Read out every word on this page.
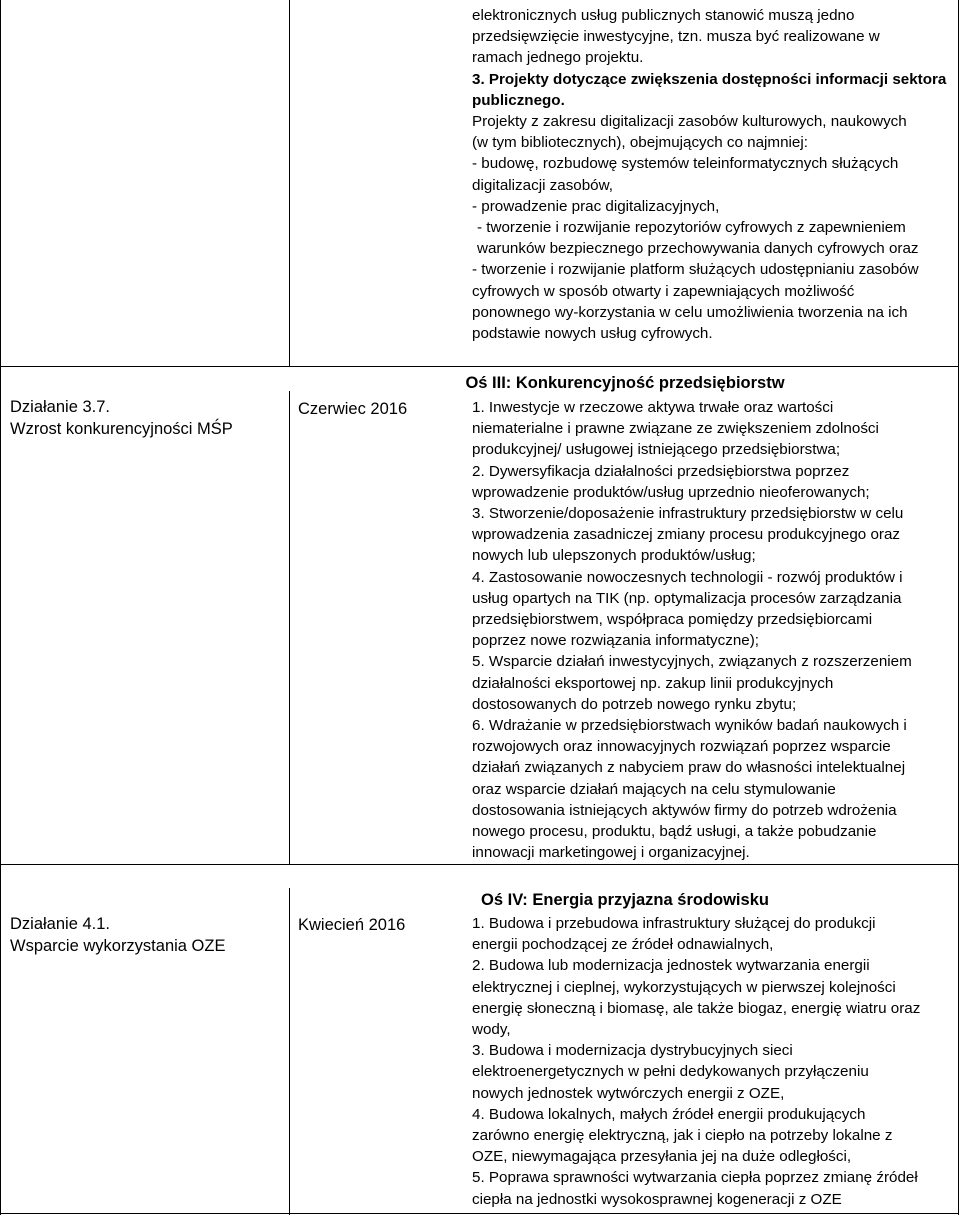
elektronicznych usług publicznych stanowić muszą jedno

przedsięwzięcie inwestycyjne, tzn. musza być realizowane w

ramach jednego projektu.

3. Projekty dotyczące zwiększenia dostępności informacji sektora

publicznego.

Projekty z zakresu digitalizacji zasobów kulturowych, naukowych

(w tym bibliotecznych), obejmujących co najmniej:

- budowę, rozbudowę systemów teleinformatycznych służących

digitalizacji zasobów,

- prowadzenie prac digitalizacyjnych,

- tworzenie i rozwijanie repozytoriów cyfrowych z zapewnieniem

warunków bezpiecznego przechowywania danych cyfrowych oraz

- tworzenie i rozwijanie platform służących udostępnianiu zasobów

cyfrowych w sposób otwarty i zapewniających możliwość

ponownego wy-korzystania w celu umożliwienia tworzenia na ich

podstawie nowych usług cyfrowych.

Oś III: Konkurencyjność przedsiębiorstw
Działanie 3.7.
Wzrost konkurencyjności MŚP
Czerwiec 2016	1. Inwestycje w rzeczowe aktywa trwałe oraz wartości

niematerialne i prawne związane ze zwiększeniem zdolności

produkcyjnej/ usługowej istniejącego przedsiębiorstwa;

2. Dywersyfikacja działalności przedsiębiorstwa poprzez

wprowadzenie produktów/usług uprzednio nieoferowanych;

3. Stworzenie/doposażenie infrastruktury przedsiębiorstw w celu

wprowadzenia zasadniczej zmiany procesu produkcyjnego oraz

nowych lub ulepszonych produktów/usług;

4. Zastosowanie nowoczesnych technologii - rozwój produktów i

usług opartych na TIK (np. optymalizacja procesów zarządzania

przedsiębiorstwem, współpraca pomiędzy przedsiębiorcami

poprzez nowe rozwiązania informatyczne);

5. Wsparcie działań inwestycyjnych, związanych z rozszerzeniem

działalności eksportowej np. zakup linii produkcyjnych

dostosowanych do potrzeb nowego rynku zbytu;

6. Wdrażanie w przedsiębiorstwach wyników badań naukowych i

rozwojowych oraz innowacyjnych rozwiązań poprzez wsparcie

działań związanych z nabyciem praw do własności intelektualnej

oraz wsparcie działań mających na celu stymulowanie

dostosowania istniejących aktywów firmy do potrzeb wdrożenia

nowego procesu, produktu, bądź usługi, a także pobudzanie

innowacji marketingowej i organizacyjnej.

Oś IV: Energia przyjazna środowisku
Działanie 4.1.
Wsparcie wykorzystania OZE
Kwiecień 2016	1. Budowa i przebudowa infrastruktury służącej do produkcji

energii pochodzącej ze źródeł odnawialnych,

2. Budowa lub modernizacja jednostek wytwarzania energii

elektrycznej i cieplnej, wykorzystujących w pierwszej kolejności

energię słoneczną i biomasę, ale także biogaz, energię wiatru oraz

wody,

3. Budowa i modernizacja dystrybucyjnych sieci

elektroenergetycznych w pełni dedykowanych przyłączeniu

nowych jednostek wytwórczych energii z OZE,

4. Budowa lokalnych, małych źródeł energii produkujących

zarówno energię elektryczną, jak i ciepło na potrzeby lokalne z

OZE, niewymagająca przesyłania jej na duże odległości,

5. Poprawa sprawności wytwarzania ciepła poprzez zmianę źródeł

ciepła na jednostki wysokosprawnej kogeneracji z OZE
